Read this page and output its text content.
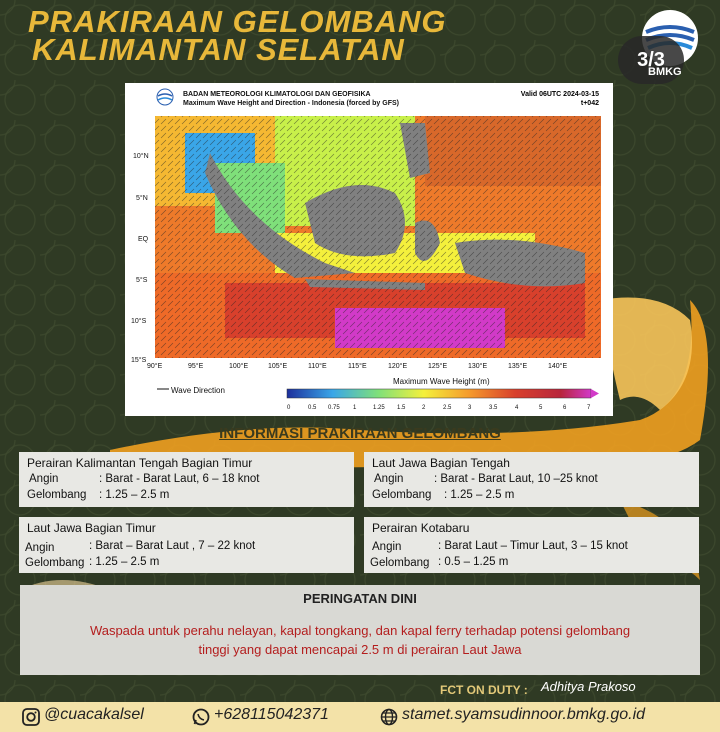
PRAKIRAAN GELOMBANG
KALIMANTAN SELATAN	3/3
BMKG
BADAN METEOROLOGI KLIMATOLOGI DAN GEOFISIKA
Maximum Wave Height and Direction - Indonesia (forced by GFS)
Valid 06UTC 2024-03-15
t+042
10°N
5°N
EQ
5°S
10°S
15°S
90°E	95°E	100°E	105°E	110°E	115°E	120°E	125°E	130°E	135°E	140°E
0	0.5 0.75 1	1.25 1.5	2	2.5	3	3.5	4	5	6	7
Wave Direction
Maximum Wave Height (m)
INFORMASI PRAKIRAAN GELOMBANG
Perairan Kalimantan Tengah Bagian Timur
Angin	: Barat - Barat Laut, 6 – 18 knot
Gelombang : 1.25 – 2.5 m
Laut Jawa Bagian Tengah
Angin	: Barat - Barat Laut, 10 –25 knot
Gelombang : 1.25 – 2.5 m
Laut Jawa Bagian Timur
Angin	: Barat – Barat Laut , 7 – 22 knot
Gelombang : 1.25 – 2.5 m
Perairan Kotabaru
Angin	: Barat Laut – Timur Laut, 3 – 15 knot
Gelombang : 0.5 – 1.25 m
PERINGATAN DINI
Waspada untuk perahu nelayan, kapal tongkang, dan kapal ferry terhadap potensi gelombang
tinggi yang dapat mencapai 2.5 m di perairan Laut Jawa
FCT ON DUTY : Adhitya Prakoso
@cuacakalsel	+628115042371	stamet.syamsudinnoor.bmkg.go.id
